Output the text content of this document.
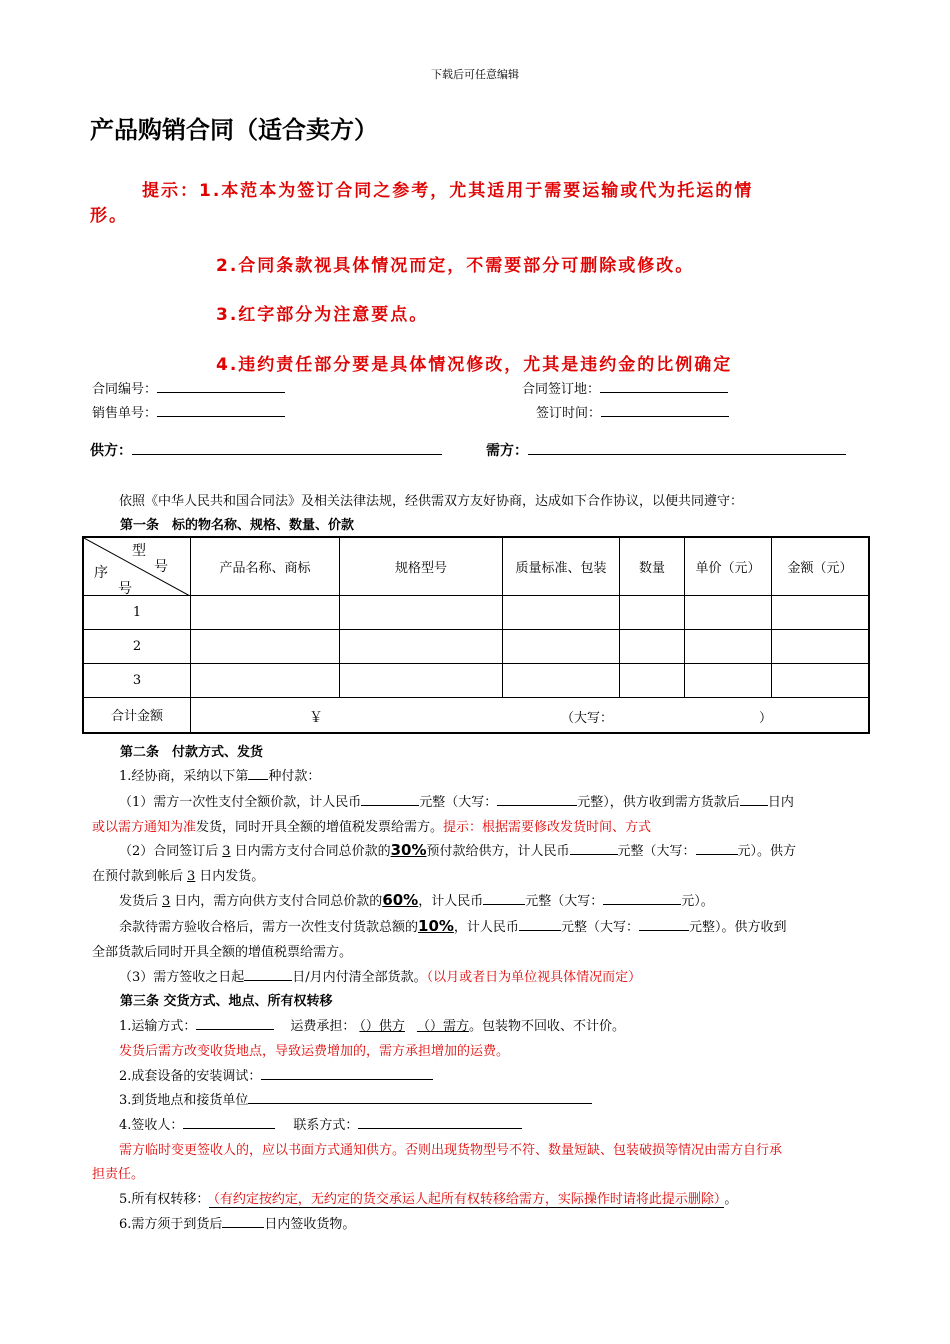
下载后可任意编辑
产品购销合同（适合卖方）
提示：1.本范本为签订合同之参考，尤其适用于需要运输或代为托运的情
形。
2.合同条款视具体情况而定，不需要部分可删除或修改。
3.红字部分为注意要点。
4.违约责任部分要是具体情况修改，尤其是违约金的比例确定
合同编号：	合同签订地：
销售单号：	签订时间：
供方：	需方：
依照《中华人民共和国合同法》及相关法律法规，经供需双方友好协商，达成如下合作协议，以便共同遵守：
第一条　标的物名称、规格、数量、价款
型
号
序
号	产品名称、商标	规格型号	质量标准、包装	数量	单价（元）	金额（元）
1						
2						
3						
合计金额	￥ （大写： ）					
第二条　付款方式、发货
1.经协商，采纳以下第 种付款：
（1）需方一次性支付全额价款，计人民币	元整（大写：	元整），供方收到需方货款后 日内
或以需方通知为准发货，同时开具全额的增值税发票给需方。提示：根据需要修改发货时间、方式
（2）合同签订后 3 日内需方支付合同总价款的30%预付款给供方，计人民币	元整（大写：	元）。供方
在预付款到帐后 3 日内发货。
发货后 3 日内，需方向供方支付合同总价款的60%，计人民币	元整（大写：	元）。
余款待需方验收合格后，需方一次性支付货款总额的10%，计人民币	元整（大写：	元整）。供方收到
全部货款后同时开具全额的增值税票给需方。
（3）需方签收之日起	日/月内付清全部货款。（以月或者日为单位视具体情况而定）
第三条 交货方式、地点、所有权转移
1.运输方式：	运费承担： （）供方 （）需方。包装物不回收、不计价。
发货后需方改变收货地点，导致运费增加的，需方承担增加的运费。
2.成套设备的安装调试：
3.到货地点和接货单位
4.签收人：	联系方式：
需方临时变更签收人的，应以书面方式通知供方。否则出现货物型号不符、数量短缺、包装破损等情况由需方自行承
担责任。
5.所有权转移： （有约定按约定，无约定的货交承运人起所有权转移给需方，实际操作时请将此提示删除） 。
6.需方须于到货后	日内签收货物。
